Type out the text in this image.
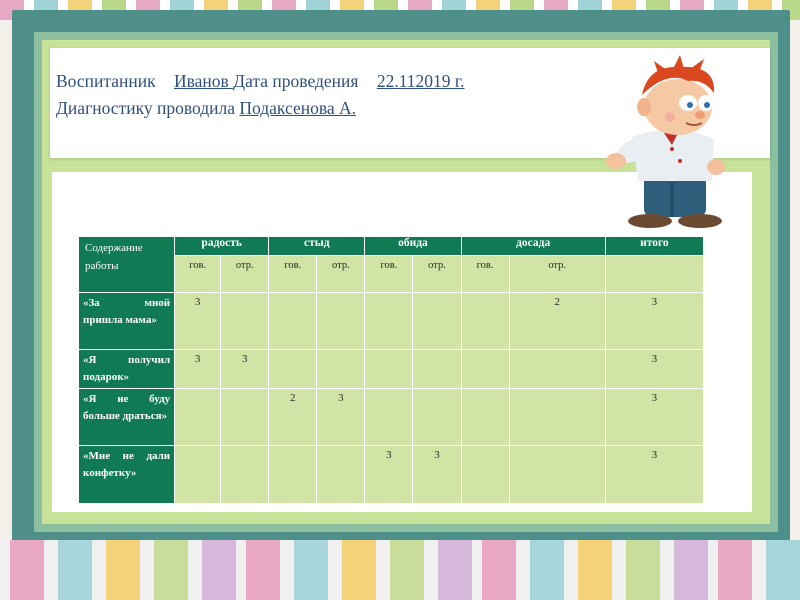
Воспитанник Иванов Дата проведения 22.112019 г.
Диагностику проводила Подаксенова А.
Содержание работы	радость		стыд		обида		досада		итого
	гов.	отр.	гов.	отр.	гов.	отр.	гов.	отр.	
«За мной пришла мама»	3							2	3
«Я получил подарок»	3	3							3
«Я не буду больше драться»			2	3					3
«Мне не дали конфетку»					3	3			3
